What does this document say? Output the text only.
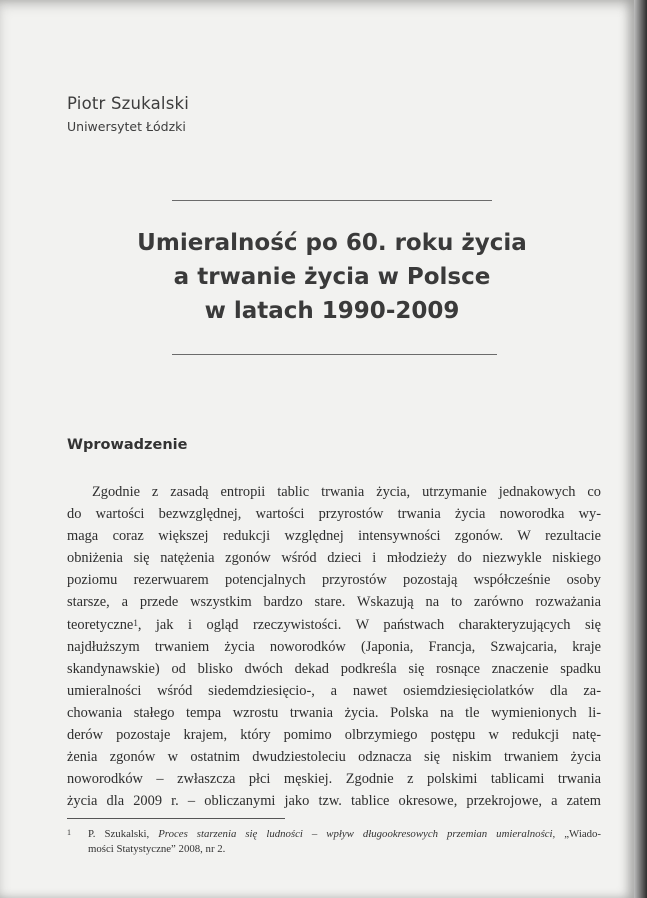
Piotr Szukalski
Uniwersytet Łódzki
Umieralność po 60. roku życia
a trwanie życia w Polsce
w latach 1990-2009
Wprowadzenie
Zgodnie z zasadą entropii tablic trwania życia, utrzymanie jednakowych co
do wartości bezwzględnej, wartości przyrostów trwania życia noworodka wy-
maga coraz większej redukcji względnej intensywności zgonów. W rezultacie
obniżenia się natężenia zgonów wśród dzieci i młodzieży do niezwykle niskiego
poziomu rezerwuarem potencjalnych przyrostów pozostają współcześnie osoby
starsze, a przede wszystkim bardzo stare. Wskazują na to zarówno rozważania
teoretyczne$^1$ , jak i ogląd rzeczywistości. W państwach charakteryzujących się
najdłuższym trwaniem życia noworodków (Japonia, Francja, Szwajcaria, kraje
skandynawskie) od blisko dwóch dekad podkreśla się rosnące znaczenie spadku
umieralności wśród siedemdziesięcio-, a nawet osiemdziesięciolatków dla za-
chowania stałego tempa wzrostu trwania życia. Polska na tle wymienionych li-
derów pozostaje krajem, który pomimo olbrzymiego postępu w redukcji natę-
żenia zgonów w ostatnim dwudziestoleciu odznacza się niskim trwaniem życia
noworodków – zwłaszcza płci męskiej. Zgodnie z polskimi tablicami trwania
życia dla 2009 r. – obliczanymi jako tzw. tablice okresowe, przekrojowe, a zatem
1 P. Szukalski, Proces starzenia się ludności – wpływ długookresowych przemian umieralności, „Wiado-
mości Statystyczne” 2008, nr 2.
